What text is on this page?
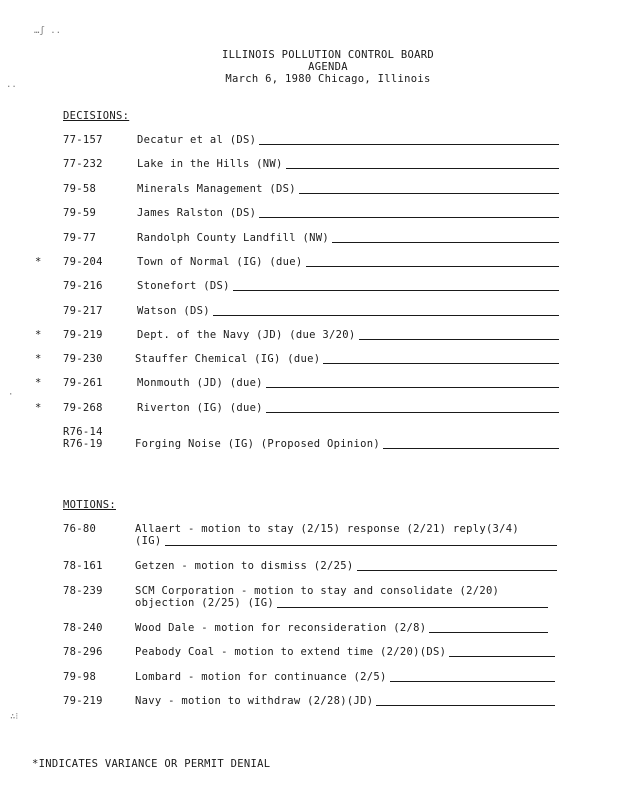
…ʃ ..
..
·
∴⁝
ILLINOIS POLLUTION CONTROL BOARD
AGENDA
March 6, 1980 Chicago, Illinois
DECISIONS:
77-157	Decatur et al (DS)
77-232	Lake in the Hills (NW)
79-58	Minerals Management (DS)
79-59	James Ralston (DS)
79-77	Randolph County Landfill (NW)
* 79-204	Town of Normal (IG) (due)
79-216	Stonefort (DS)
79-217	Watson (DS)
* 79-219	Dept. of the Navy (JD) (due 3/20)
* 79-230	Stauffer Chemical (IG) (due)
* 79-261	Monmouth (JD) (due)
* 79-268	Riverton (IG) (due)
R76-14
R76-19	Forging Noise (IG) (Proposed Opinion)
MOTIONS:
76-80	Allaert - motion to stay (2/15) response (2/21) reply(3/4)
(IG)
78-161	Getzen - motion to dismiss (2/25)
78-239	SCM Corporation - motion to stay and consolidate (2/20)
objection (2/25) (IG)
78-240	Wood Dale - motion for reconsideration (2/8)
78-296	Peabody Coal - motion to extend time (2/20)(DS)
79-98	Lombard - motion for continuance (2/5)
79-219	Navy - motion to withdraw (2/28)(JD)
*INDICATES VARIANCE OR PERMIT DENIAL
